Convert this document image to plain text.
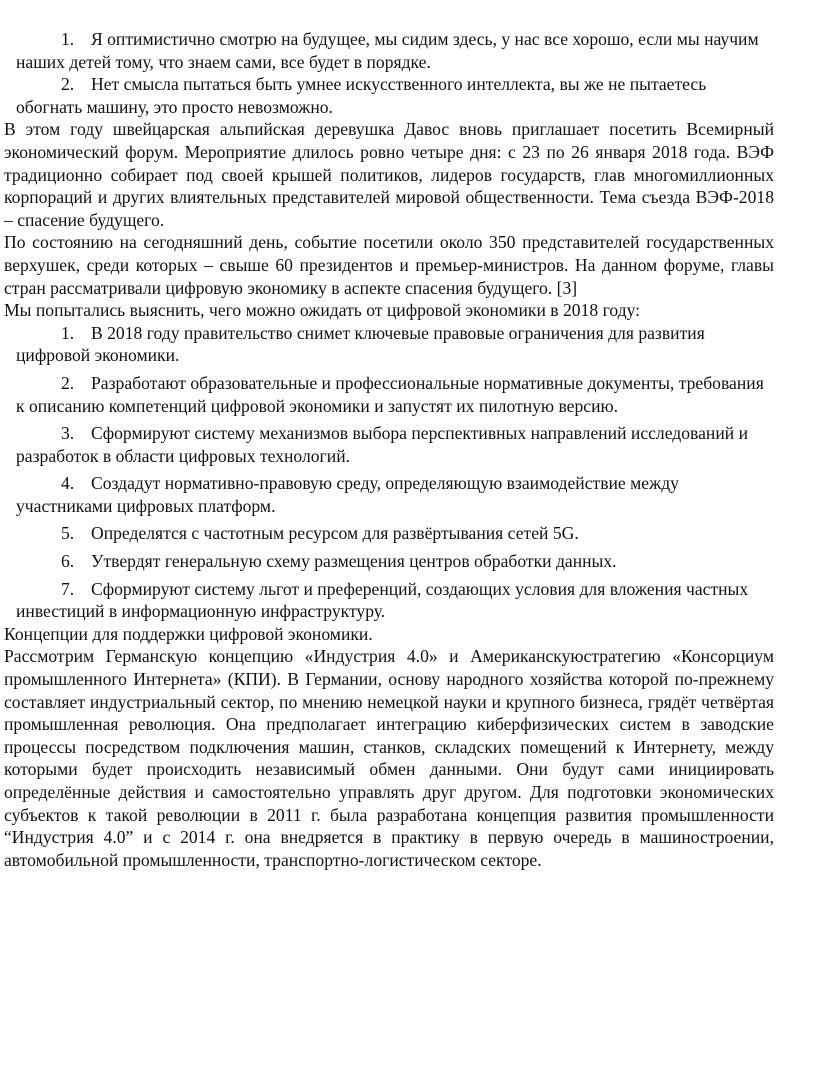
1. Я оптимистично смотрю на будущее, мы сидим здесь, у нас все хорошо, если мы научим наших детей тому, что знаем сами, все будет в порядке.
2. Нет смысла пытаться быть умнее искусственного интеллекта, вы же не пытаетесь обогнать машину, это просто невозможно.

В этом году швейцарская альпийская деревушка Давос вновь приглашает посетить Всемирный экономический форум. Мероприятие длилось ровно четыре дня: с 23 по 26 января 2018 года. ВЭФ традиционно собирает под своей крышей политиков, лидеров государств, глав многомиллионных корпораций и других влиятельных представителей мировой общественности. Тема съезда ВЭФ-2018 – спасение будущего.

По состоянию на сегодняшний день, событие посетили около 350 представителей государственных верхушек, среди которых – свыше 60 президентов и премьер-министров. На данном форуме, главы стран рассматривали цифровую экономику в аспекте спасения будущего. [3]

Мы попытались выяснить, чего можно ожидать от цифровой экономики в 2018 году:

1. В 2018 году правительство снимет ключевые правовые ограничения для развития цифровой экономики.
2. Разработают образовательные и профессиональные нормативные документы, требования к описанию компетенций цифровой экономики и запустят их пилотную версию.
3. Сформируют систему механизмов выбора перспективных направлений исследований и разработок в области цифровых технологий.
4. Создадут нормативно-правовую среду, определяющую взаимодействие между участниками цифровых платформ.
5. Определятся с частотным ресурсом для развёртывания сетей 5G.
6. Утвердят генеральную схему размещения центров обработки данных.
7. Сформируют систему льгот и преференций, создающих условия для вложения частных инвестиций в информационную инфраструктуру.

Концепции для поддержки цифровой экономики.

Рассмотрим Германскую концепцию «Индустрия 4.0» и Американскуюстратегию «Консорциум промышленного Интернета» (КПИ). В Германии, основу народного хозяйства которой по-прежнему составляет индустриальный сектор, по мнению немецкой науки и крупного бизнеса, грядёт четвёртая промышленная революция. Она предполагает интеграцию киберфизических систем в заводские процессы посредством подключения машин, станков, складских помещений к Интернету, между которыми будет происходить независимый обмен данными. Они будут сами инициировать определённые действия и самостоятельно управлять друг другом. Для подготовки экономических субъектов к такой революции в 2011 г. была разработана концепция развития промышленности “Индустрия 4.0” и с 2014 г. она внедряется в практику в первую очередь в машиностроении, автомобильной промышленности, транспортно-логистическом секторе.
